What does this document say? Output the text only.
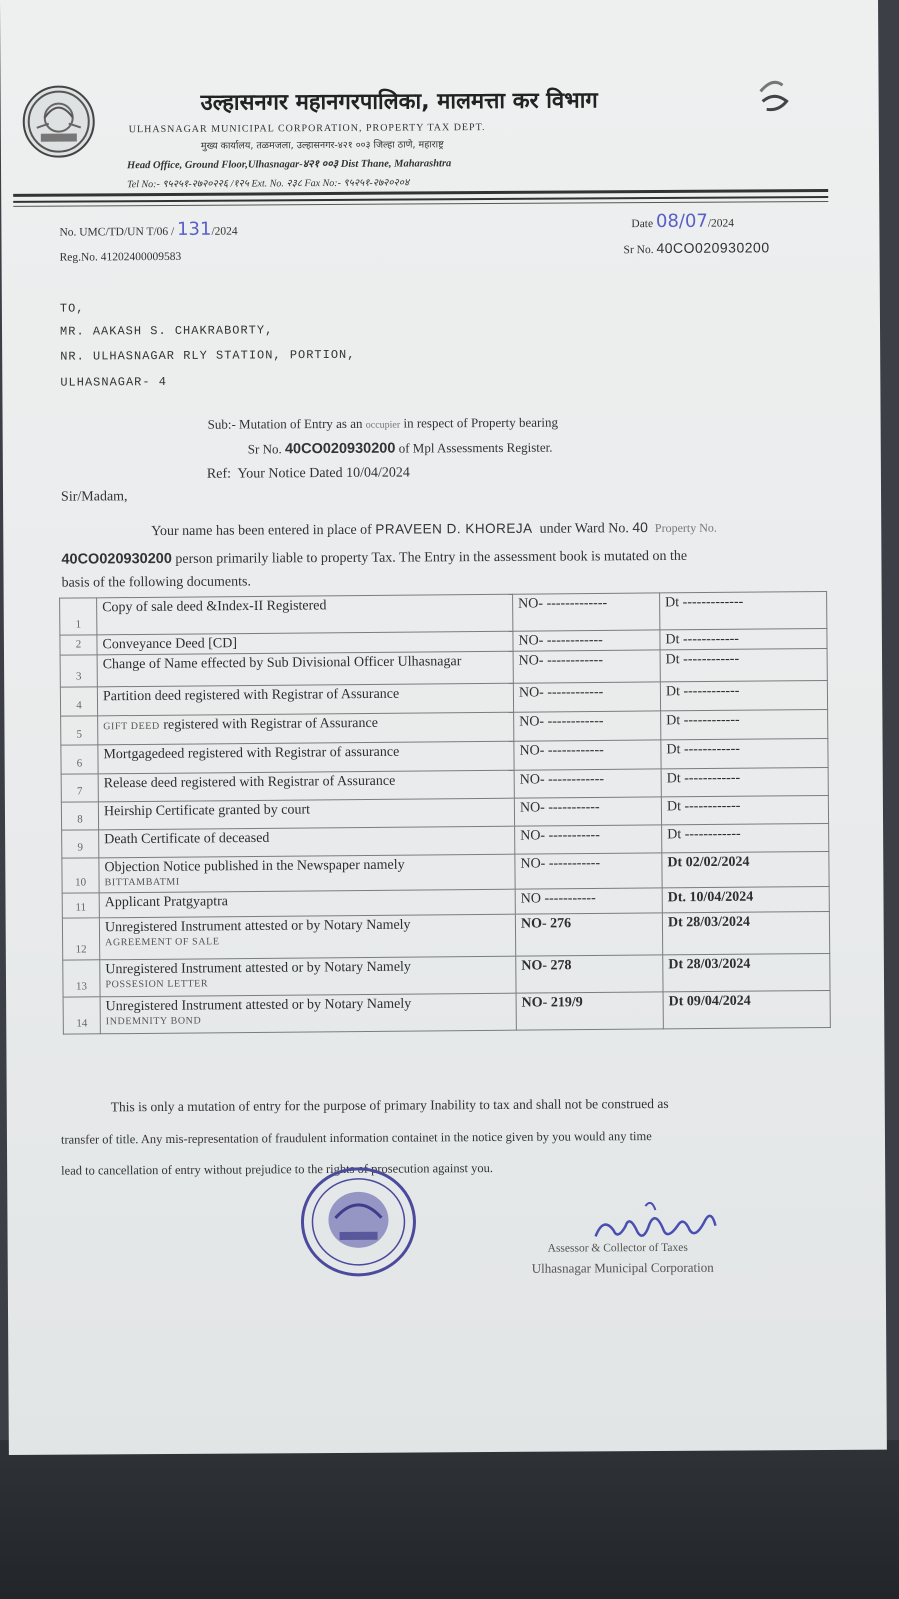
उल्हासनगर महानगरपालिका, मालमत्ता कर विभाग
ULHASNAGAR MUNICIPAL CORPORATION, PROPERTY TAX DEPT.
मुख्य कार्यालय, तळमजला, उल्हासनगर-४२१ ००३ जिल्हा ठाणे, महाराष्ट्र
Head Office, Ground Floor,Ulhasnagar-४२१ ००३ Dist Thane, Maharashtra
Tel No:- ९५२५१-२७२०२२६ /१२५ Ext. No. २३८ Fax No:- ९५२५१-२७२०२०४
No. UMC/TD/UN T/06 / 131/2024
Reg.No. 41202400009583
Date 08/07/2024
Sr No. 40CO020930200
TO,
MR. AAKASH S. CHAKRABORTY,
NR. ULHASNAGAR RLY STATION, PORTION,
ULHASNAGAR- 4
Sub:- Mutation of Entry as an occupier in respect of Property bearing
Sr No. 40CO020930200 of Mpl Assessments Register.
Ref: Your Notice Dated 10/04/2024
Sir/Madam,
Your name has been entered in place of PRAVEEN D. KHOREJA under Ward No. 40 Property No.
40CO020930200 person primarily liable to property Tax. The Entry in the assessment book is mutated on the
basis of the following documents.
1	Copy of sale deed &Index-II Registered	NO- -------------	Dt -------------
2	Conveyance Deed [CD]	NO- ------------	Dt ------------
3	Change of Name effected by Sub Divisional Officer Ulhasnagar	NO- ------------	Dt ------------
4	Partition deed registered with Registrar of Assurance	NO- ------------	Dt ------------
5	GIFT DEED registered with Registrar of Assurance	NO- ------------	Dt ------------
6	Mortgagedeed registered with Registrar of assurance	NO- ------------	Dt ------------
7	Release deed registered with Registrar of Assurance	NO- ------------	Dt ------------
8	Heirship Certificate granted by court	NO- -----------	Dt ------------
9	Death Certificate of deceased	NO- -----------	Dt ------------
10	Objection Notice published in the Newspaper namely
BITTAMBATMI	NO- -----------	Dt 02/02/2024
11	Applicant Pratgyaptra	NO -----------	Dt. 10/04/2024
12	Unregistered Instrument attested or by Notary Namely
AGREEMENT OF SALE	NO- 276	Dt 28/03/2024
13	Unregistered Instrument attested or by Notary Namely
POSSESION LETTER	NO- 278	Dt 28/03/2024
14	Unregistered Instrument attested or by Notary Namely
INDEMNITY BOND	NO- 219/9	Dt 09/04/2024
This is only a mutation of entry for the purpose of primary Inability to tax and shall not be construed as
transfer of title. Any mis-representation of fraudulent information containet in the notice given by you would any time
lead to cancellation of entry without prejudice to the rights of prosecution against you.
Assessor & Collector of Taxes
Ulhasnagar Municipal Corporation
